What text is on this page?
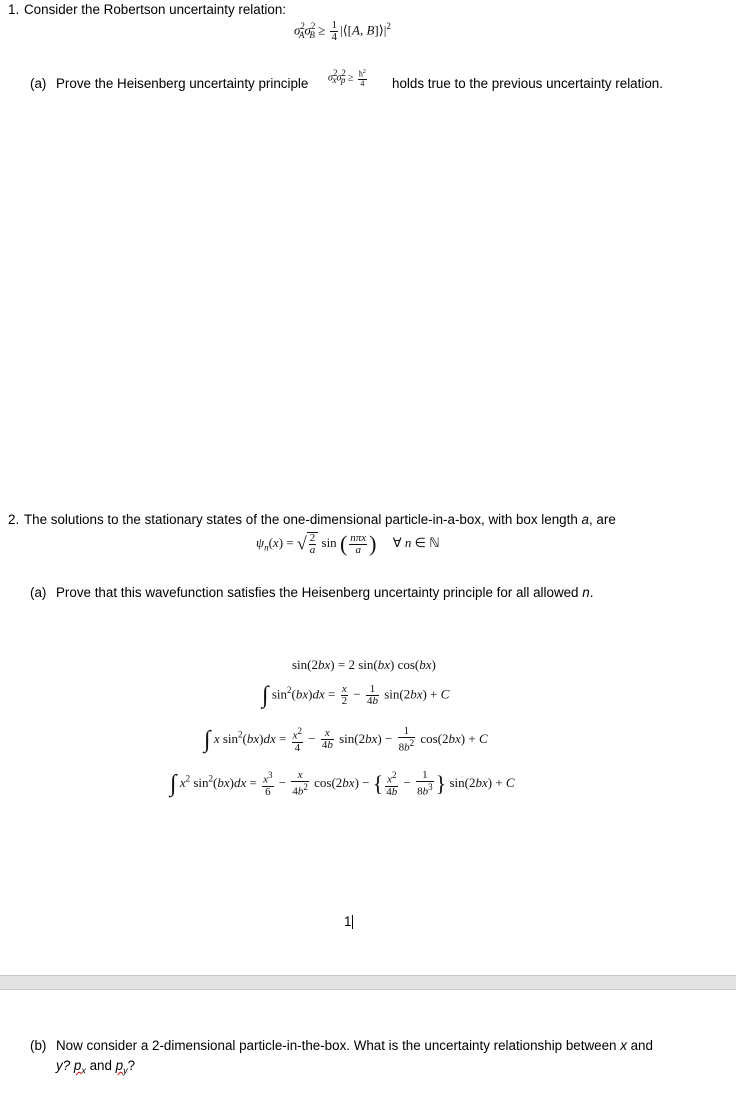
1. Consider the Robertson uncertainty relation:
$\sigma^2_A\sigma^2_B \ge \frac{1}{4}$ |⟨[A, $B]⟩|^2$
(a) Prove the Heisenberg uncertainty principle $\sigma^2_x\sigma^2_p \ge \frac{ħ^2}{4}$ holds true to the previous uncertainty relation.
2. The solutions to the stationary states of the one-dimensional particle-in-a-box, with box length a, are
$\psi_n(x)$ = √ $\frac{2}{a}$ sin ( $\frac{\text{nπx}}{a}$ )     ∀ n ∈ ℕ
(a) Prove that this wavefunction satisfies the Heisenberg uncertainty principle for all allowed n.
sin(2bx) = 2 sin(bx) cos(bx)
∫ $\sin^2(bx)dx = \frac{x}{2} - \frac{1}{4b} \sin(2bx) + C$
∫ x $\sin^2(bx)dx = \frac{x^2}{4} - \frac{x}{4b} \sin(2bx) - \frac{1}{8b^2} \cos(2bx) + C$
∫ $x^2$ $\sin^2(bx)dx = \frac{x^3}{6} - \frac{x}{4b^2} \cos(2bx)$ − { $\frac{x^2}{4b} - \frac{1}{8b^3}$ } sin(2bx) + C
1
(b) Now consider a 2-dimensional particle-in-the-box. What is the uncertainty relationship between x and
y? $p_x$ and $p_y$?
